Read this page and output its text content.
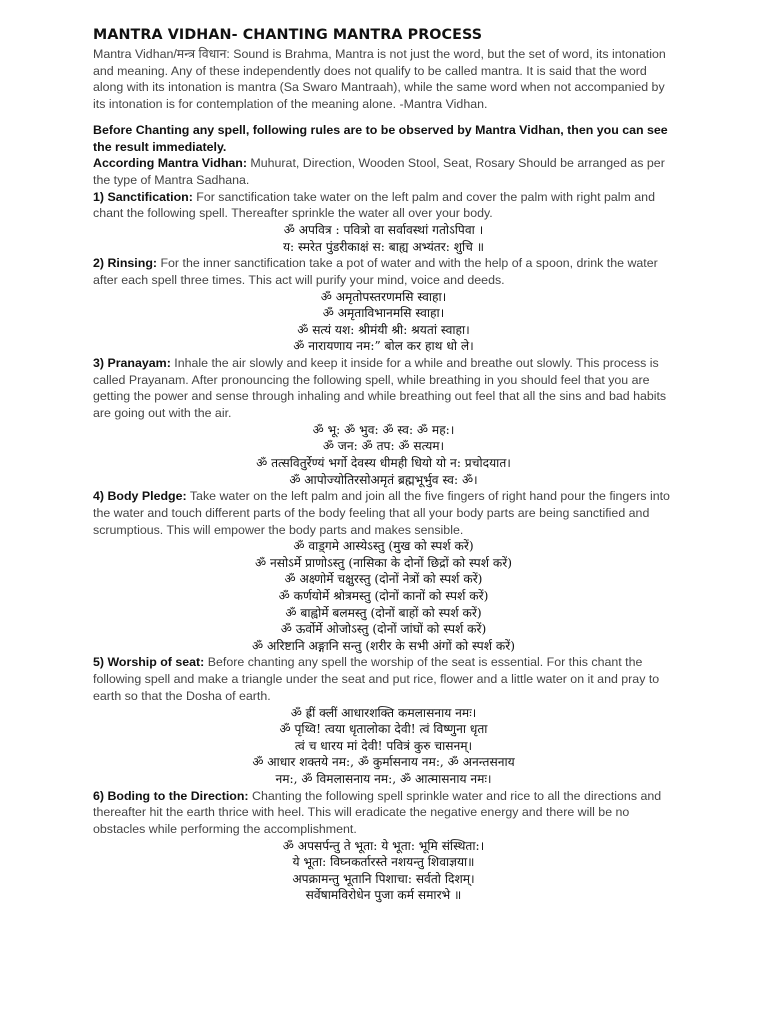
MANTRA VIDHAN- CHANTING MANTRA PROCESS

Mantra Vidhan/मन्त्र विधान: Sound is Brahma, Mantra is not just the word, but the set of word, its intonation and meaning. Any of these independently does not qualify to be called mantra. It is said that the word along with its intonation is mantra (Sa Swaro Mantraah), while the same word when not accompanied by its intonation is for contemplation of the meaning alone. -Mantra Vidhan.

Before Chanting any spell, following rules are to be observed by Mantra Vidhan, then you can see the result immediately.

According Mantra Vidhan: Muhurat, Direction, Wooden Stool, Seat, Rosary Should be arranged as per the type of Mantra Sadhana.

1) Sanctification: For sanctification take water on the left palm and cover the palm with right palm and chant the following spell. Thereafter sprinkle the water all over your body.

ॐ अपवित्र : पवित्रो वा सर्वावस्थां गतोऽपिवा ।
य: स्मरेत पुंडरीकाक्षं स: बाह्य अभ्यंतर: शुचि ॥

2) Rinsing: For the inner sanctification take a pot of water and with the help of a spoon, drink the water after each spell three times. This act will purify your mind, voice and deeds.

ॐ अमृतोपस्तरणमसि स्वाहा।
ॐ अमृताविभानमसि स्वाहा।
ॐ सत्यं यश: श्रीमंयी श्री: श्रयतां स्वाहा।
ॐ नारायणाय नम:” बोल कर हाथ धो ले।

3) Pranayam: Inhale the air slowly and keep it inside for a while and breathe out slowly. This process is called Prayanam. After pronouncing the following spell, while breathing in you should feel that you are getting the power and sense through inhaling and while breathing out feel that all the sins and bad habits are going out with the air.

ॐ भू: ॐ भुव: ॐ स्व: ॐ मह:।
ॐ जन: ॐ तप: ॐ सत्यम।
ॐ तत्सवितुर्रेण्यं भर्गो देवस्य धीमही धियो यो न: प्रचोदयात।
ॐ आपोज्योतिरसोअमृतं ब्रह्मभूर्भुव स्व: ॐ।

4) Body Pledge: Take water on the left palm and join all the five fingers of right hand pour the fingers into the water and touch different parts of the body feeling that all your body parts are being sanctified and scrumptious. This will empower the body parts and makes sensible.

ॐ वाड़्‌गमे आस्येऽस्तु (मुख को स्पर्श करें)
ॐ नसोऽर्मे प्राणोऽस्तु (नासिका के दोनों छिद्रों को स्पर्श करें)
ॐ अक्ष्णोर्मे चक्षुरस्तु (दोनों नेत्रों को स्पर्श करें)
ॐ कर्णयोर्मे श्रोत्रमस्तु (दोनों कानों को स्पर्श करें)
ॐ बाह्वोर्मे बलमस्तु (दोनों बाहों को स्पर्श करें)
ॐ ऊर्वोर्मे ओजोऽस्तु (दोनों जांघों को स्पर्श करें)
ॐ अरिष्टानि अङ्गानि सन्तु (शरीर के सभी अंगों को स्पर्श करें)

5) Worship of seat: Before chanting any spell the worship of the seat is essential. For this chant the following spell and make a triangle under the seat and put rice, flower and a little water on it and pray to earth so that the Dosha of earth.

ॐ ह्रीं क्लीं आधारशक्ति कमलासनाय नमः।
ॐ पृथ्वि! त्वया धृतालोका देवी! त्वं विष्णुना धृता
त्वं च धारय मां देवी! पवित्रं कुरु चासनम्।
ॐ आधार शक्तये नम:, ॐ कुर्मासनाय नम:, ॐ अनन्तसनाय
नम:, ॐ विमलासनाय नम:, ॐ आत्मासनाय नमः।

6) Boding to the Direction: Chanting the following spell sprinkle water and rice to all the directions and thereafter hit the earth thrice with heel. This will eradicate the negative energy and there will be no obstacles while performing the accomplishment.

ॐ अपसर्पन्तु ते भूता: ये भूता: भूमि संस्थिता:।
ये भूता: विघ्नकर्तारस्ते नशयन्तु शिवाज्ञया॥
अपक्रामन्तु भूतानि पिशाचा: सर्वतो दिशम्।
सर्वेषामविरोधेन पुजा कर्म समारभे ॥
